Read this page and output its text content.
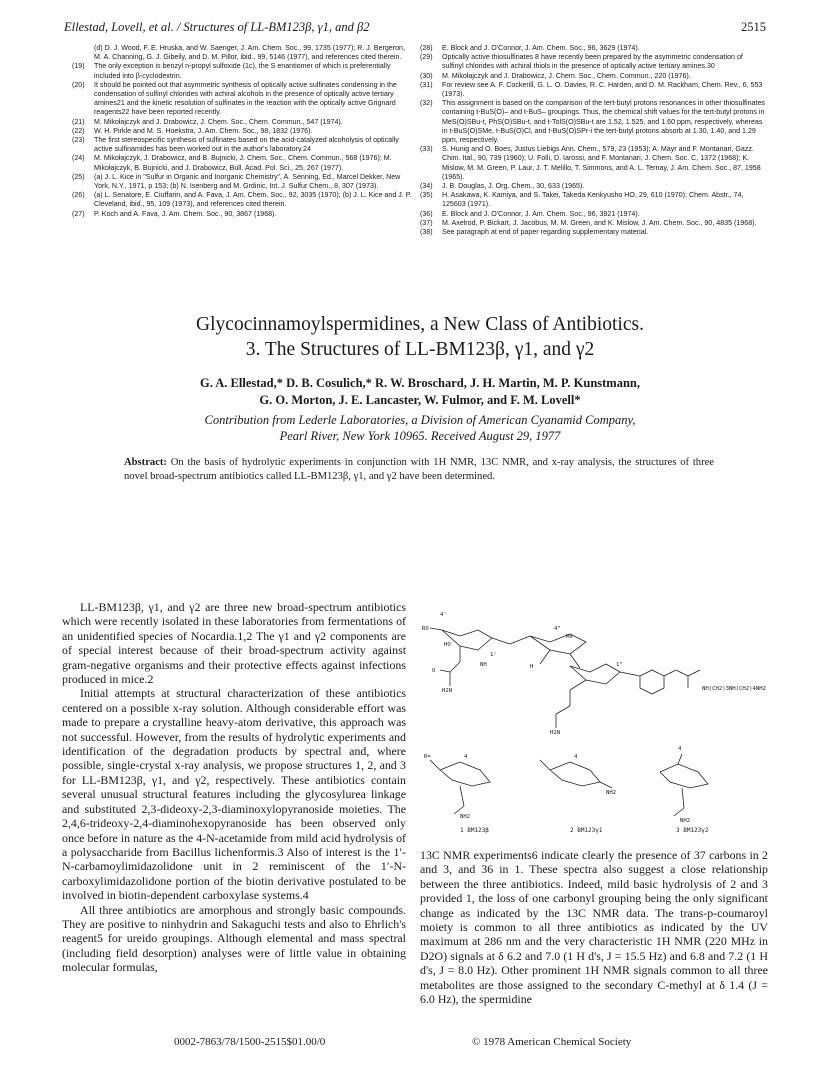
Ellestad, Lovell, et al. / Structures of LL-BM123β, γ1, and β2	2515

(d) D. J. Wood, F. E. Hruska, and W. Saenger, J. Am. Chem. Soc., 99, 1735 (1977); R. J. Bergeron, M. A. Channing, G. J. Gibeily, and D. M. Pillor, ibid., 99, 5146 (1977), and references cited therein.

(19) The only exception is benzyl n-propyl sulfoxide (1c), the S enantiomer of which is preferentially included into β-cyclodextrin.

(20) It should be pointed out that asymmetric synthesis of optically active sulfinates condensing in the condensation of sulfinyl chlorides with achiral alcohols in the presence of optically active tertiary amines21 and the kinetic resolution of sulfinates in the reaction with the optically active Grignard reagents22 have been reported recently.

(21) M. Mikołajczyk and J. Drabowicz, J. Chem. Soc., Chem. Commun., 547 (1974).

(22) W. H. Pirkle and M. S. Hoekstra, J. Am. Chem. Soc., 98, 1832 (1976).

(23) The first stereospecific synthesis of sulfinates based on the acid-catalyzed alcoholysis of optically active sulfinamides has been worked out in the author's laboratory.24

(24) M. Mikołajczyk, J. Drabowicz, and B. Bujnicki, J. Chem. Soc., Chem. Commun., 568 (1976); M. Mikołajczyk, B. Bujnicki, and J. Drabowicz, Bull. Acad. Pol. Sci., 25, 267 (1977).

(25) (a) J. L. Kice in "Sulfur in Organic and Inorganic Chemistry", A. Senning, Ed., Marcel Dekker, New York, N.Y., 1971, p 153; (b) N. Isenberg and M. Grdinic, Int. J. Sulfur Chem., 8, 307 (1973).

(26) (a) L. Senatore, E. Ciuffarin, and A. Fava, J. Am. Chem. Soc., 92, 3035 (1970); (b) J. L. Kice and J. P. Cleveland, ibid., 95, 109 (1973), and references cited therein.

(27) P. Koch and A. Fava, J. Am. Chem. Soc., 90, 3867 (1968).

(28) E. Block and J. O'Connor, J. Am. Chem. Soc., 96, 3629 (1974).

(29) Optically active thiosulfinates 8 have recently been prepared by the asymmetric condensation of sulfinyl chlorides with achiral thiols in the presence of optically active tertiary amines.30

(30) M. Mikołajczyk and J. Drabowicz, J. Chem. Soc., Chem. Commun., 220 (1976).

(31) For review see A. F. Cockerill, G. L. O. Davies, R. C. Harden, and D. M. Rackham, Chem. Rev., 6, 553 (1973).

(32) This assignment is based on the comparison of the tert-butyl protons resonances in other thiosulfinates containing t-BuS(O)– and t-BuS– groupings. Thus, the chemical shift values for the tert-butyl protons in MeS(O)SBu-t, PhS(O)SBu-t, and t-TolS(O)SBu-t are 1.52, 1.525, and 1.60 ppm, respectively, whereas in t-BuS(O)SMe, t-BuS(O)Cl, and t-BuS(O)SPr-i the tert-butyl protons absorb at 1.30, 1.40, and 1.29 ppm, respectively.

(33) S. Hunig and O. Boes, Justus Liebigs Ann. Chem., 579, 23 (1953); A. Mayr and F. Montanari, Gazz. Chim. Ital., 90, 739 (1960); U. Folli, D. Iarossi, and F. Montanari, J. Chem. Soc. C, 1372 (1968); K. Mislow, M. M. Green, P. Laur, J. T. Melillo, T. Simmons, and A. L. Ternay, J. Am. Chem. Soc., 87, 1958 (1965).

(34) J. B. Douglas, J. Org. Chem., 30, 633 (1965).

(35) H. Asakawa, K. Kamiya, and S. Takei, Takeda Kenkyusho HO, 29, 610 (1970); Chem. Abstr., 74, 125603 (1971).

(36) E. Block and J. O'Connor, J. Am. Chem. Soc., 96, 3921 (1974).

(37) M. Axelrod, P. Bickart, J. Jacobus, M. M. Green, and K. Mislow, J. Am. Chem. Soc., 90, 4835 (1968).

(38) See paragraph at end of paper regarding supplementary material.

Glycocinnamoylspermidines, a New Class of Antibiotics.
3. The Structures of LL-BM123β, γ1, and γ2
G. A. Ellestad,* D. B. Cosulich,* R. W. Broschard, J. H. Martin, M. P. Kunstmann,
G. O. Morton, J. E. Lancaster, W. Fulmor, and F. M. Lovell*
Contribution from Lederle Laboratories, a Division of American Cyanamid Company,
Pearl River, New York 10965. Received August 29, 1977
Abstract: On the basis of hydrolytic experiments in conjunction with 1H NMR, 13C NMR, and x-ray analysis, the structures of three novel broad-spectrum antibiotics called LL-BM123β, γ1, and γ2 have been determined.

LL-BM123β, γ1, and γ2 are three new broad-spectrum antibiotics which were recently isolated in these laboratories from fermentations of an unidentified species of Nocardia.1,2 The γ1 and γ2 components are of special interest because of their broad-spectrum activity against gram-negative organisms and their protective effects against infections produced in mice.2

Initial attempts at structural characterization of these antibiotics centered on a possible x-ray solution. Although considerable effort was made to prepare a crystalline heavy-atom derivative, this approach was not successful. However, from the results of hydrolytic experiments and identification of the degradation products by spectral and, where possible, single-crystal x-ray analysis, we propose structures 1, 2, and 3 for LL-BM123β, γ1, and γ2, respectively. These antibiotics contain several unusual structural features including the glycosylurea linkage and substituted 2,3-dideoxy-2,3-diaminoxylopyranoside moieties. The 2,4,6-trideoxy-2,4-diaminohexopyranoside has been observed only once before in nature as the 4-N-acetamide from mild acid hydrolysis of a polysaccharide from Bacillus lichenformis.3 Also of interest is the 1′-N-carbamoylimidazolidone unit in 2 reminiscent of the 1′-N-carboxylimidazolidone portion of the biotin derivative postulated to be involved in biotin-dependent carboxylase systems.4

All three antibiotics are amorphous and strongly basic compounds. They are positive to ninhydrin and Sakaguchi tests and also to Ehrlich's reagent5 for ureido groupings. Although elemental and mass spectral (including field desorption) analyses were of little value in obtaining molecular formulas,

RO
4'
HO
1'
4"
Me
1"
NH
O
H2N
H
H2N
NH(CH2)3NH(CH2)4NH2
R=	4	4
4
NH2
NH2
NH2
1 BM123β	2 BM123γ1	3 BM123γ2

13C NMR experiments6 indicate clearly the presence of 37 carbons in 2 and 3, and 36 in 1. These spectra also suggest a close relationship between the three antibiotics. Indeed, mild basic hydrolysis of 2 and 3 provided 1, the loss of one carbonyl grouping being the only significant change as indicated by the 13C NMR data. The trans-p-coumaroyl moiety is common to all three antibiotics as indicated by the UV maximum at 286 nm and the very characteristic 1H NMR (220 MHz in D2O) signals at δ 6.2 and 7.0 (1 H d's, J = 15.5 Hz) and 6.8 and 7.2 (1 H d's, J = 8.0 Hz). Other prominent 1H NMR signals common to all three metabolites are those assigned to the secondary C-methyl at δ 1.4 (J = 6.0 Hz), the spermidine

0002-7863/78/1500-2515$01.00/0	© 1978 American Chemical Society
